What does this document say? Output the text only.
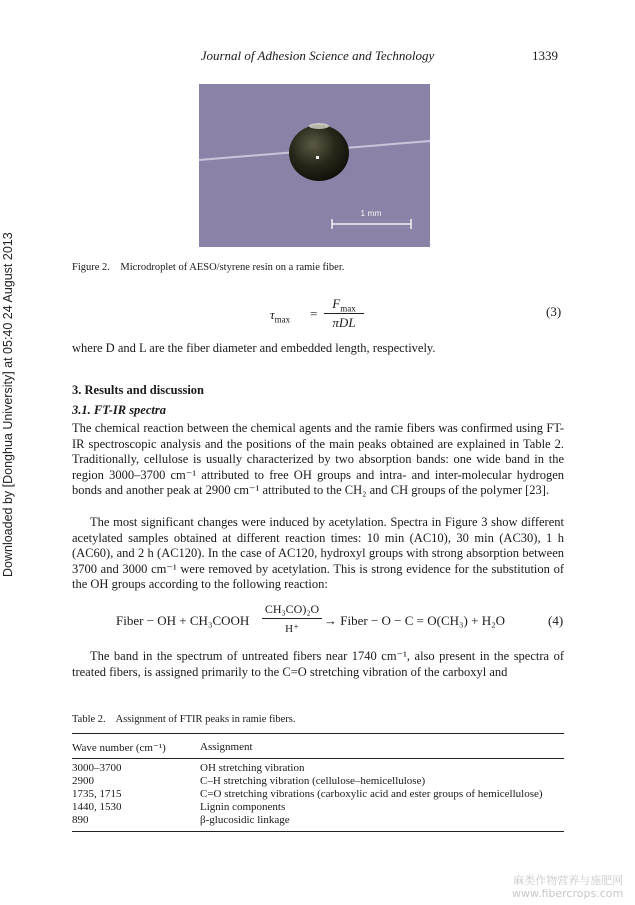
Journal of Adhesion Science and Technology	1339
Downloaded by [Donghua University] at 05:40 24 August 2013
1 mm
Figure 2. Microdroplet of AESO/styrene resin on a ramie fiber.
$\tau_{max}$ =
$F_{max}$
πDL
(3)
where D and L are the fiber diameter and embedded length, respectively.
3. Results and discussion
3.1. FT-IR spectra
The chemical reaction between the chemical agents and the ramie fibers was confirmed using FT-IR spectroscopic analysis and the positions of the main peaks obtained are explained in Table 2. Traditionally, cellulose is usually characterized by two absorption bands: one wide band in the region 3000–3700 cm⁻¹ attributed to free OH groups and intra- and inter-molecular hydrogen bonds and another peak at 2900 cm⁻¹ attributed to the CH₂ and CH groups of the polymer [23].
The most significant changes were induced by acetylation. Spectra in Figure 3 show different acetylated samples obtained at different reaction times: 10 min (AC10), 30 min (AC30), 1 h (AC60), and 2 h (AC120). In the case of AC120, hydroxyl groups with strong absorption between 3700 and 3000 cm⁻¹ were removed by acetylation. This is strong evidence for the substitution of the OH groups according to the following reaction:
Fiber − OH + CH₃COOH
CH₃CO)₂O
H⁺
→ Fiber − O − C = O(CH₃) + H₂O	(4)
The band in the spectrum of untreated fibers near 1740 cm⁻¹, also present in the spectra of treated fibers, is assigned primarily to the C=O stretching vibration of the carboxyl and
Table 2. Assignment of FTIR peaks in ramie fibers.
Wave number (cm⁻¹)	Assignment
3000–3700	OH stretching vibration
2900	C–H stretching vibration (cellulose–hemicellulose)
1735, 1715	C=O stretching vibrations (carboxylic acid and ester groups of hemicellulose)
1440, 1530	Lignin components
890	β-glucosidic linkage
麻类作物营养与施肥网
www.fibercrops.com
